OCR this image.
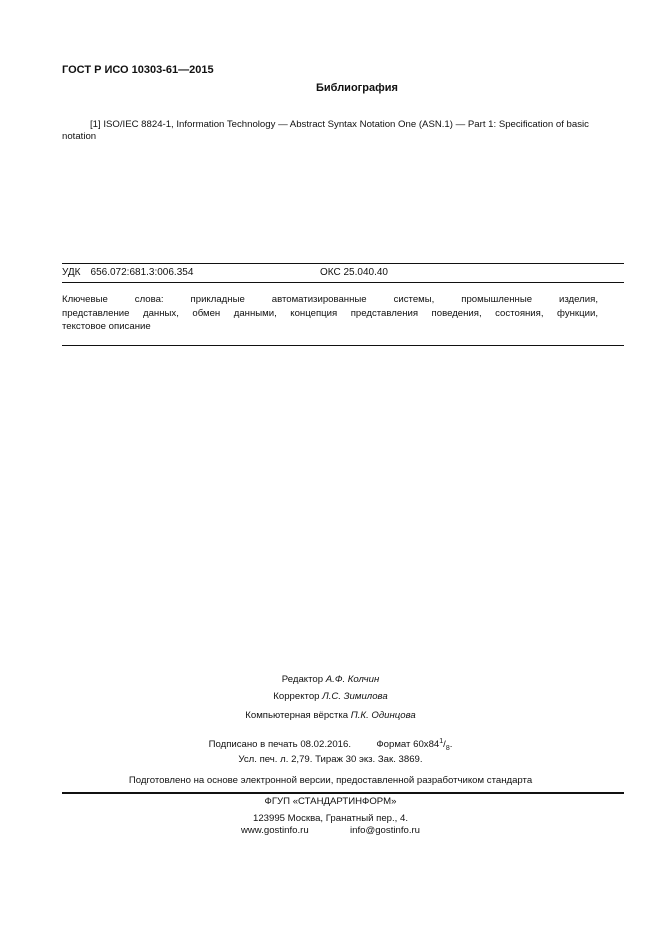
ГОСТ Р ИСО 10303-61—2015
Библиография
[1] ISO/IEC 8824-1, Information Technology — Abstract Syntax Notation One (ASN.1) — Part 1: Specification of basic
notation
УДК 656.072:681.3:006.354	ОКС 25.040.40
Ключевые слова: прикладные автоматизированные системы, промышленные изделия,
представление данных, обмен данными, концепция представления поведения, состояния, функции,
текстовое описание
Редактор А.Ф. Колчин
Корректор Л.С. Зимилова
Компьютерная вёрстка П.К. Одинцова
Подписано в печать 08.02.2016.	Формат $60x84^1/_8$.
Усл. печ. л. 2,79. Тираж 30 экз. Зак. 3869.
Подготовлено на основе электронной версии, предоставленной разработчиком стандарта
ФГУП «СТАНДАРТИНФОРМ»
123995 Москва, Гранатный пер., 4.
www.gostinfo.ru	info@gostinfo.ru
